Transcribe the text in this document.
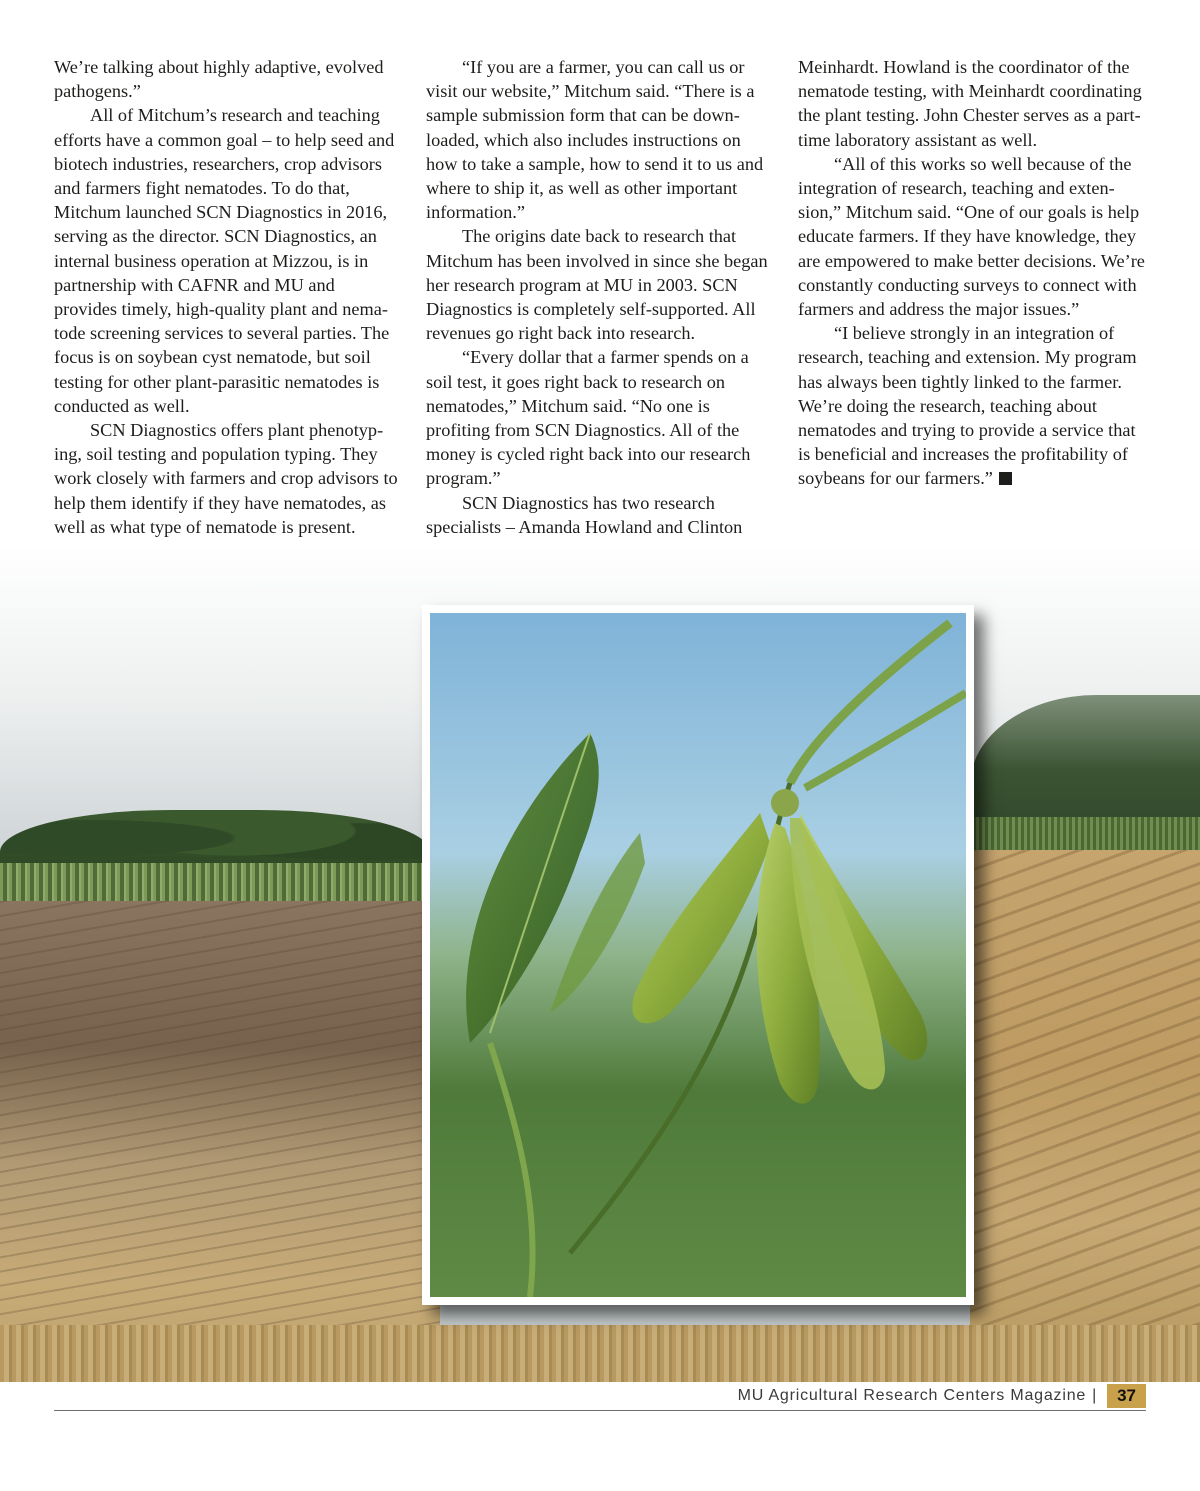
We’re talking about highly adaptive, evolved pathogens.”

All of Mitchum’s research and teaching efforts have a common goal – to help seed and biotech industries, researchers, crop advisors and farmers fight nematodes. To do that, Mitchum launched SCN Diagnostics in 2016, serving as the director. SCN Diagnostics, an internal business operation at Mizzou, is in partnership with CAFNR and MU and provides timely, high-quality plant and nematode screening services to several parties. The focus is on soybean cyst nematode, but soil testing for other plant-parasitic nematodes is conducted as well.

SCN Diagnostics offers plant phenotyping, soil testing and population typing. They work closely with farmers and crop advisors to help them identify if they have nematodes, as well as what type of nematode is present.

“If you are a farmer, you can call us or visit our website,” Mitchum said. “There is a sample submission form that can be downloaded, which also includes instructions on how to take a sample, how to send it to us and where to ship it, as well as other important information.”

The origins date back to research that Mitchum has been involved in since she began her research program at MU in 2003. SCN Diagnostics is completely self-supported. All revenues go right back into research.

“Every dollar that a farmer spends on a soil test, it goes right back to research on nematodes,” Mitchum said. “No one is profiting from SCN Diagnostics. All of the money is cycled right back into our research program.”

SCN Diagnostics has two research specialists – Amanda Howland and Clinton

Meinhardt. Howland is the coordinator of the nematode testing, with Meinhardt coordinating the plant testing. John Chester serves as a part-time laboratory assistant as well.

“All of this works so well because of the integration of research, teaching and extension,” Mitchum said. “One of our goals is help educate farmers. If they have knowledge, they are empowered to make better decisions. We’re constantly conducting surveys to connect with farmers and address the major issues.”

“I believe strongly in an integration of research, teaching and extension. My program has always been tightly linked to the farmer. We’re doing the research, teaching about nematodes and trying to provide a service that is beneficial and increases the profitability of soybeans for our farmers.”

MU Agricultural Research Centers Magazine |	37
